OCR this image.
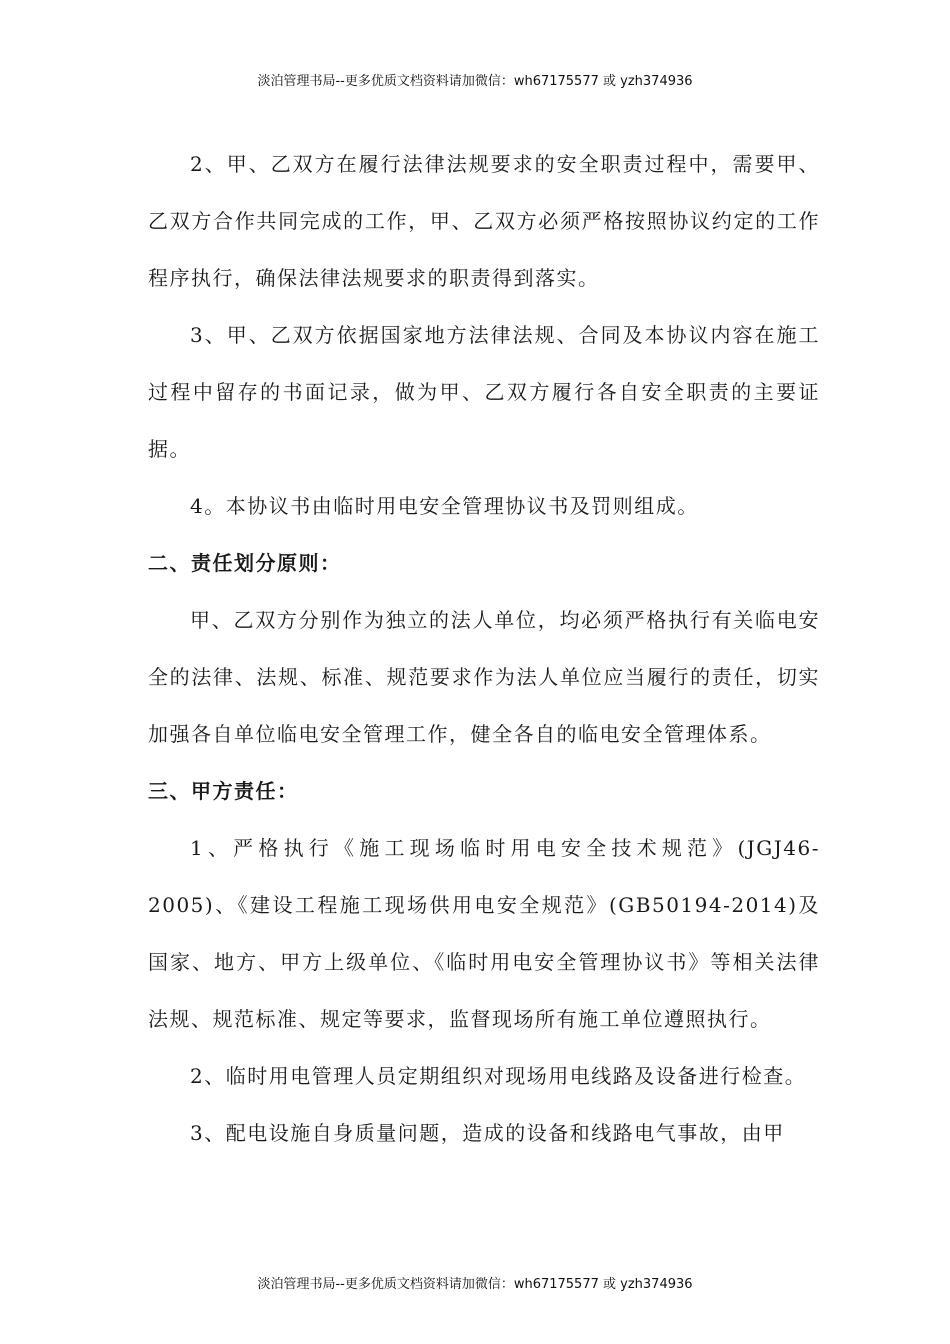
淡泊管理书局--更多优质文档资料请加微信：wh67175577 或 yzh374936

2、甲、乙双方在履行法律法规要求的安全职责过程中，需要甲、乙双方合作共同完成的工作，甲、乙双方必须严格按照协议约定的工作程序执行，确保法律法规要求的职责得到落实。

3、甲、乙双方依据国家地方法律法规、合同及本协议内容在施工过程中留存的书面记录，做为甲、乙双方履行各自安全职责的主要证据。

4。本协议书由临时用电安全管理协议书及罚则组成。

二、责任划分原则：

甲、乙双方分别作为独立的法人单位，均必须严格执行有关临电安全的法律、法规、标准、规范要求作为法人单位应当履行的责任，切实加强各自单位临电安全管理工作，健全各自的临电安全管理体系。

三、甲方责任：

1、严格执行《施工现场临时用电安全技术规范》(JGJ46-2005)、《建设工程施工现场供用电安全规范》(GB50194-2014)及国家、地方、甲方上级单位、《临时用电安全管理协议书》等相关法律法规、规范标准、规定等要求，监督现场所有施工单位遵照执行。

2、临时用电管理人员定期组织对现场用电线路及设备进行检查。

3、配电设施自身质量问题，造成的设备和线路电气事故，由甲

淡泊管理书局--更多优质文档资料请加微信：wh67175577 或 yzh374936
